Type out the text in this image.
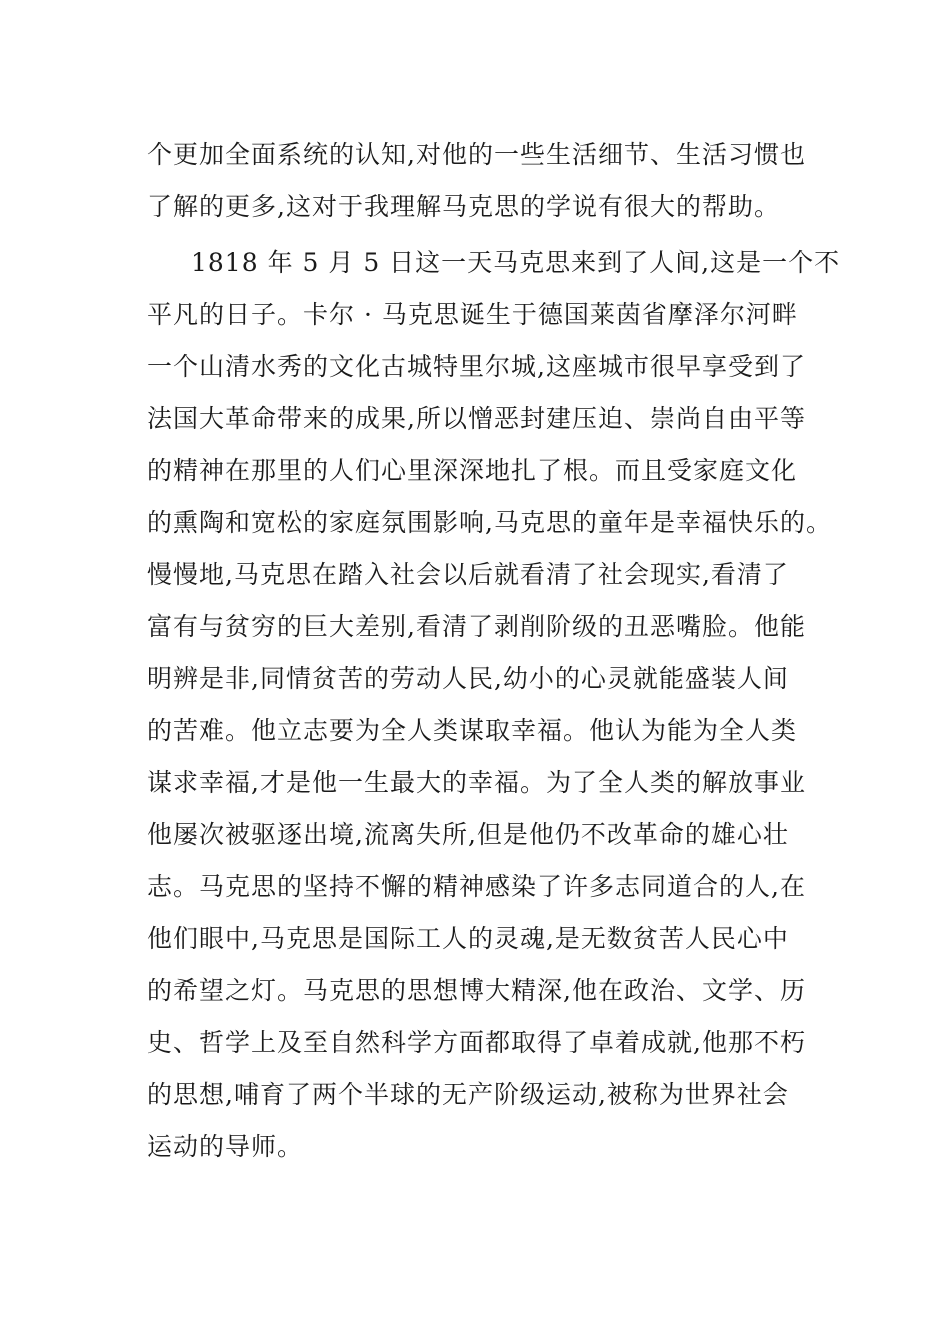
个更加全面系统的认知,对他的一些生活细节、生活习惯也
了解的更多,这对于我理解马克思的学说有很大的帮助。
1818 年 5 月 5 日这一天马克思来到了人间,这是一个不
平凡的日子。卡尔 · 马克思诞生于德国莱茵省摩泽尔河畔
一个山清水秀的文化古城特里尔城,这座城市很早享受到了
法国大革命带来的成果,所以憎恶封建压迫、崇尚自由平等
的精神在那里的人们心里深深地扎了根。而且受家庭文化
的熏陶和宽松的家庭氛围影响,马克思的童年是幸福快乐的。
慢慢地,马克思在踏入社会以后就看清了社会现实,看清了
富有与贫穷的巨大差别,看清了剥削阶级的丑恶嘴脸。他能
明辨是非,同情贫苦的劳动人民,幼小的心灵就能盛装人间
的苦难。他立志要为全人类谋取幸福。他认为能为全人类
谋求幸福,才是他一生最大的幸福。为了全人类的解放事业
他屡次被驱逐出境,流离失所,但是他仍不改革命的雄心壮
志。马克思的坚持不懈的精神感染了许多志同道合的人,在
他们眼中,马克思是国际工人的灵魂,是无数贫苦人民心中
的希望之灯。马克思的思想博大精深,他在政治、文学、历
史、哲学上及至自然科学方面都取得了卓着成就,他那不朽
的思想,哺育了两个半球的无产阶级运动,被称为世界社会
运动的导师。
